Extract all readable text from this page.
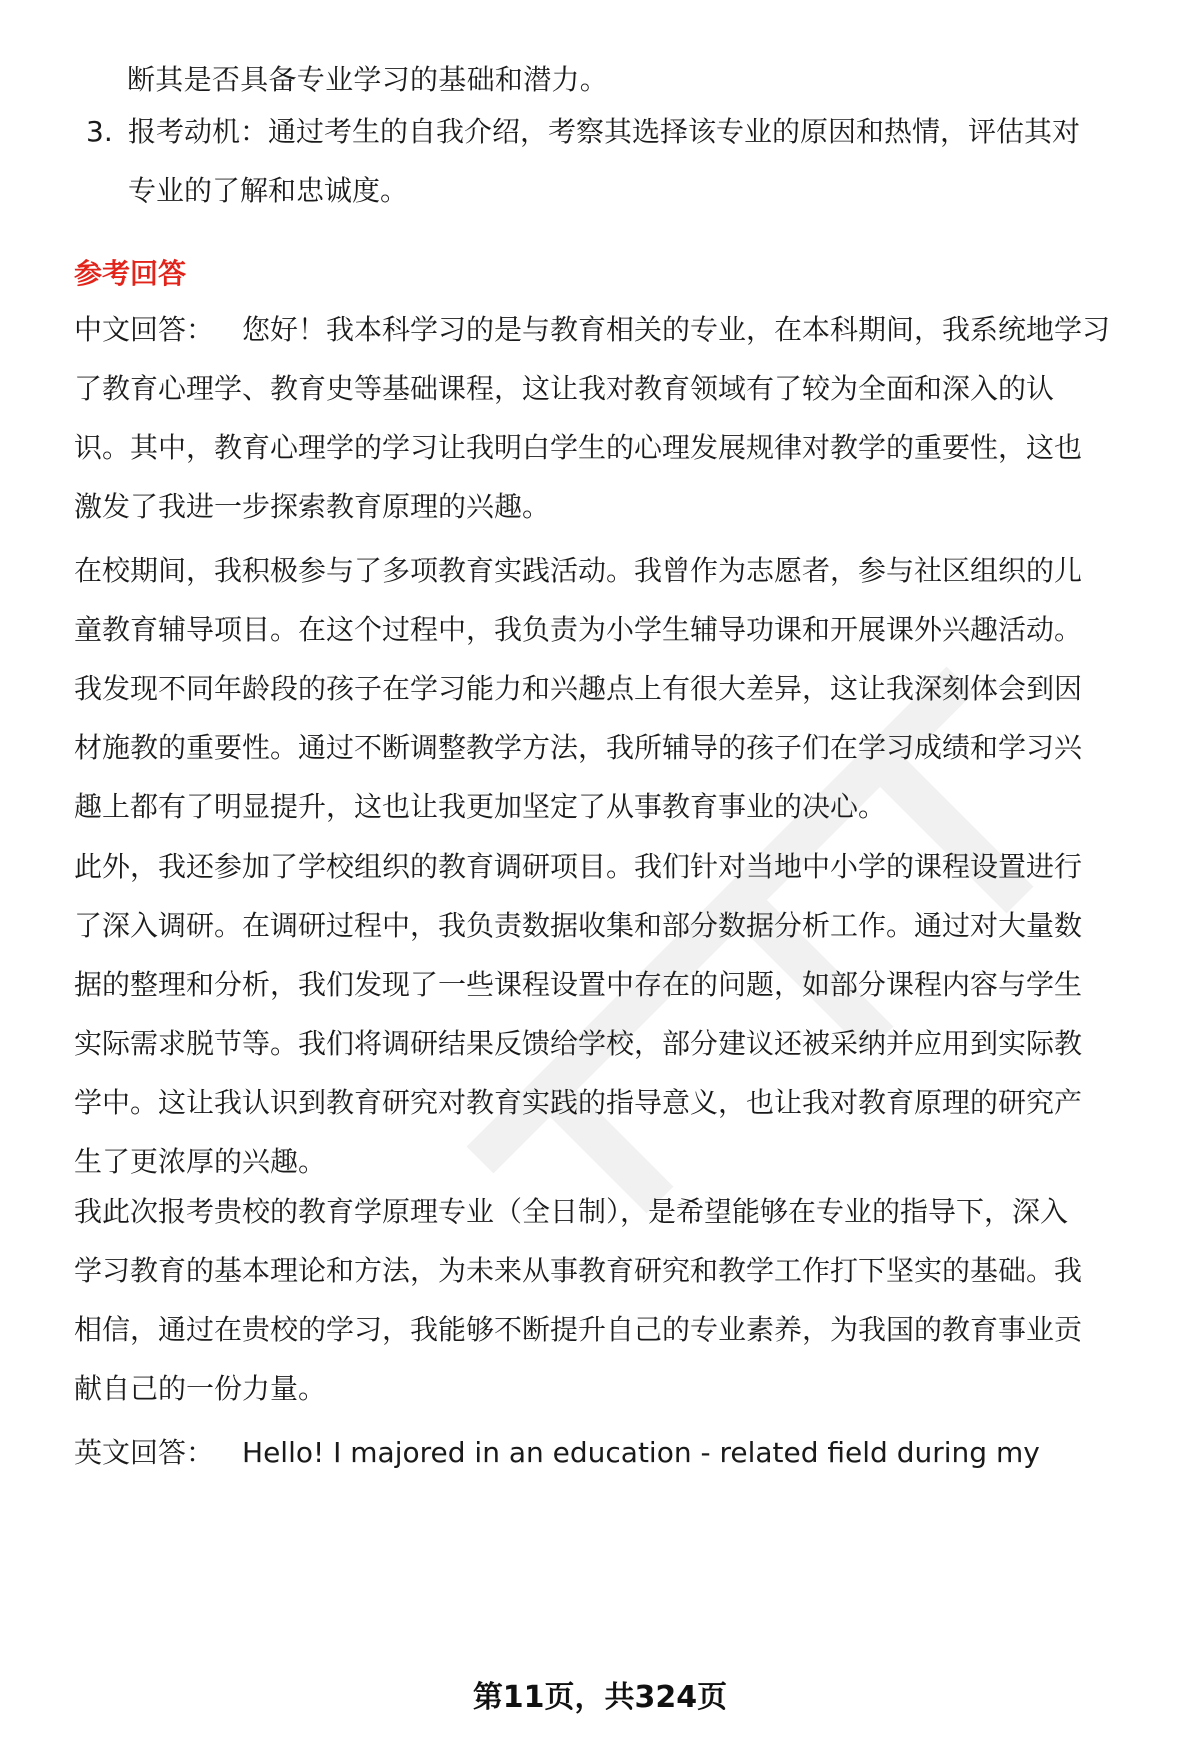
断其是否具备专业学习的基础和潜力。
3. 报考动机：通过考生的自我介绍，考察其选择该专业的原因和热情，评估其对
专业的了解和忠诚度。
参考回答
中文回答： 您好！我本科学习的是与教育相关的专业，在本科期间，我系统地学习
了教育心理学、教育史等基础课程，这让我对教育领域有了较为全面和深入的认
识。其中，教育心理学的学习让我明白学生的心理发展规律对教学的重要性，这也
激发了我进一步探索教育原理的兴趣。
在校期间，我积极参与了多项教育实践活动。我曾作为志愿者，参与社区组织的儿
童教育辅导项目。在这个过程中，我负责为小学生辅导功课和开展课外兴趣活动。
我发现不同年龄段的孩子在学习能力和兴趣点上有很大差异，这让我深刻体会到因
材施教的重要性。通过不断调整教学方法，我所辅导的孩子们在学习成绩和学习兴
趣上都有了明显提升，这也让我更加坚定了从事教育事业的决心。
此外，我还参加了学校组织的教育调研项目。我们针对当地中小学的课程设置进行
了深入调研。在调研过程中，我负责数据收集和部分数据分析工作。通过对大量数
据的整理和分析，我们发现了一些课程设置中存在的问题，如部分课程内容与学生
实际需求脱节等。我们将调研结果反馈给学校，部分建议还被采纳并应用到实际教
学中。这让我认识到教育研究对教育实践的指导意义，也让我对教育原理的研究产
生了更浓厚的兴趣。
我此次报考贵校的教育学原理专业（全日制），是希望能够在专业的指导下，深入
学习教育的基本理论和方法，为未来从事教育研究和教学工作打下坚实的基础。我
相信，通过在贵校的学习，我能够不断提升自己的专业素养，为我国的教育事业贡
献自己的一份力量。
英文回答： Hello! I majored in an education - related field during my
第11页，共324页
